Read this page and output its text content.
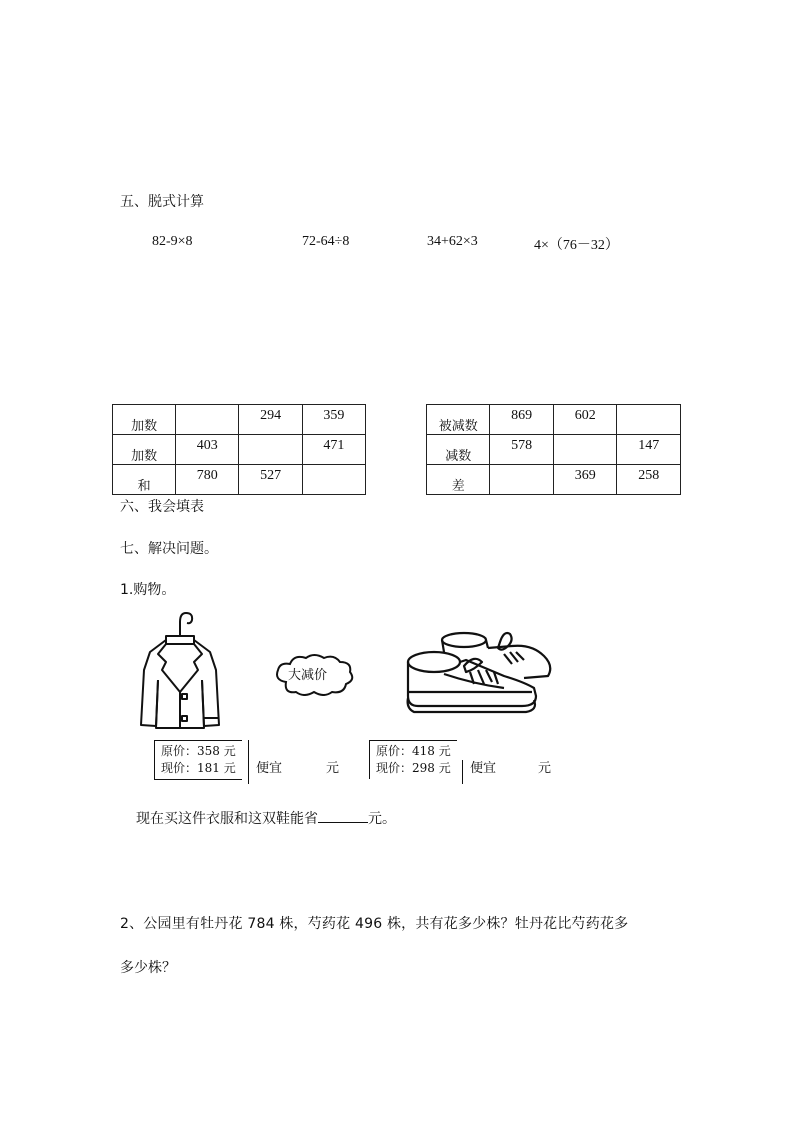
五、脱式计算
82-9×8	72-64÷8	34+62×3	4×（76－32）
加数		294	359
加数	403		471
和	780	527	
被减数	869	602	
减数	578		147
差		369	258
六、我会填表
七、解决问题。
1.购物。
大减价
原价：358 元
现价：181 元 便宜	元
原价：418 元
现价：298 元 便宜	元
现在买这件衣服和这双鞋能省	元。
2、公园里有牡丹花 784 株，芍药花 496 株，共有花多少株？牡丹花比芍药花多
多少株？
